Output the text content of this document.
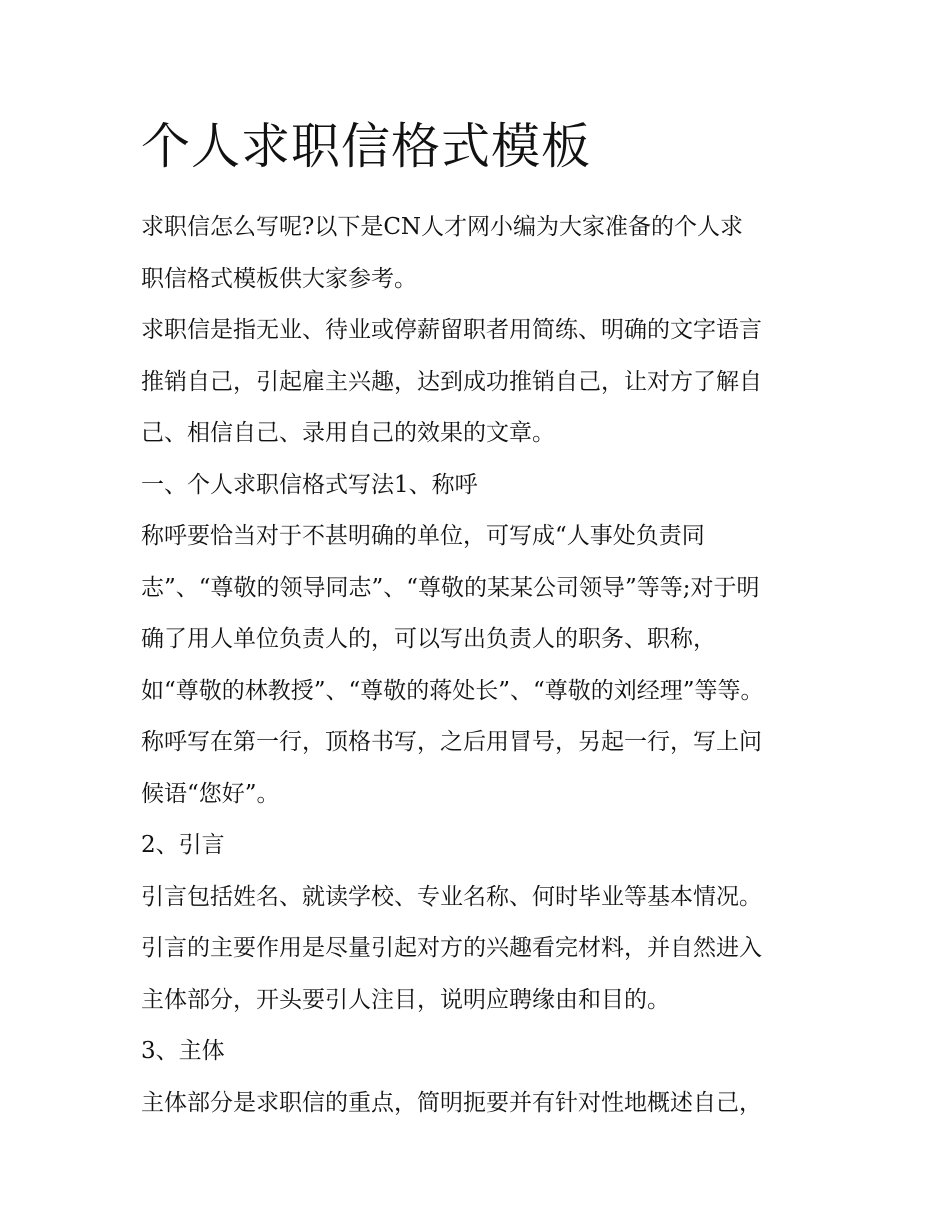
个人求职信格式模板

求职信怎么写呢?以下是CN人才网小编为大家准备的个人求

职信格式模板供大家参考。

求职信是指无业、待业或停薪留职者用简练、明确的文字语言

推销自己，引起雇主兴趣，达到成功推销自己，让对方了解自

己、相信自己、录用自己的效果的文章。

一、个人求职信格式写法1、称呼

称呼要恰当对于不甚明确的单位，可写成“人事处负责同

志”、“尊敬的领导同志”、“尊敬的某某公司领导”等等;对于明

确了用人单位负责人的，可以写出负责人的职务、职称，

如“尊敬的林教授”、“尊敬的蒋处长”、“尊敬的刘经理”等等。

称呼写在第一行，顶格书写，之后用冒号，另起一行，写上问

候语“您好”。

2、引言

引言包括姓名、就读学校、专业名称、何时毕业等基本情况。

引言的主要作用是尽量引起对方的兴趣看完材料，并自然进入

主体部分，开头要引人注目，说明应聘缘由和目的。

3、主体

主体部分是求职信的重点，简明扼要并有针对性地概述自己，
